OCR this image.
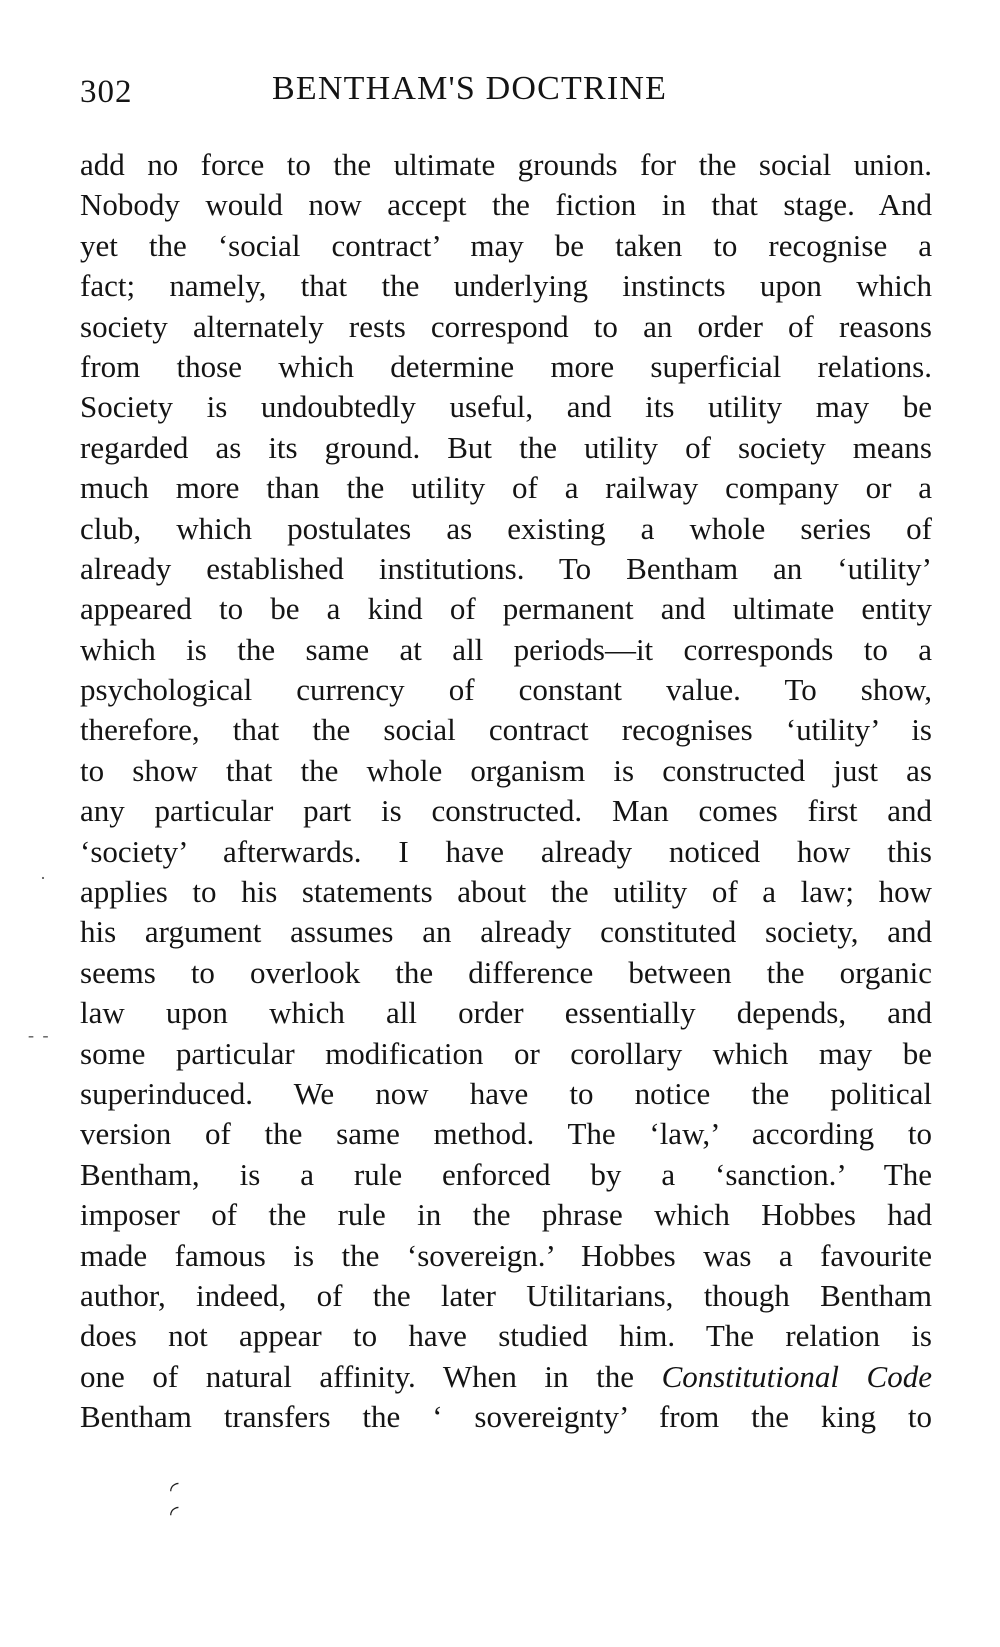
302	BENTHAM'S DOCTRINE
add no force to the ultimate grounds for the social union.
Nobody would now accept the fiction in that stage. And
yet the ‘social contract’ may be taken to recognise a
fact; namely, that the underlying instincts upon which
society alternately rests correspond to an order of reasons
from those which determine more superficial relations.
Society is undoubtedly useful, and its utility may be
regarded as its ground. But the utility of society means
much more than the utility of a railway company or a
club, which postulates as existing a whole series of
already established institutions. To Bentham an ‘utility’
appeared to be a kind of permanent and ultimate entity
which is the same at all periods—it corresponds to a
psychological currency of constant value. To show,
therefore, that the social contract recognises ‘utility’ is
to show that the whole organism is constructed just as
any particular part is constructed. Man comes first and
‘society’ afterwards. I have already noticed how this
applies to his statements about the utility of a law; how
his argument assumes an already constituted society, and
seems to overlook the difference between the organic
law upon which all order essentially depends, and
some particular modification or corollary which may be
superinduced. We now have to notice the political
version of the same method. The ‘law,’ according to
Bentham, is a rule enforced by a ‘sanction.’ The
imposer of the rule in the phrase which Hobbes had
made famous is the ‘sovereign.’ Hobbes was a favourite
author, indeed, of the later Utilitarians, though Bentham
does not appear to have studied him. The relation is
one of natural affinity. When in the Constitutional Code
Bentham transfers the ‘ sovereignty’ from the king to
·
- -
◜
◜
